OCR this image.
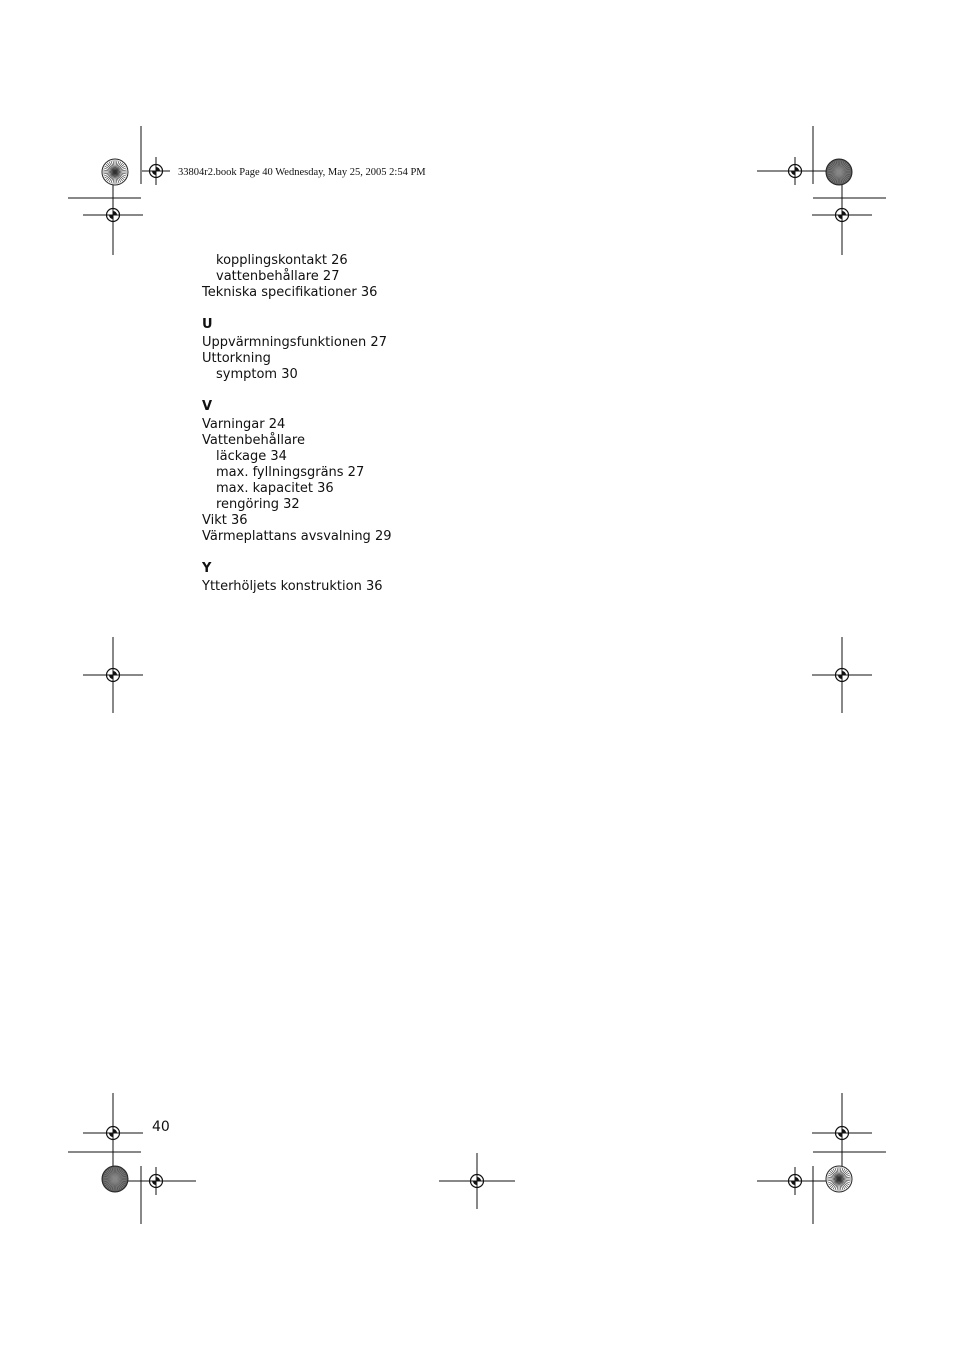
33804r2.book Page 40 Wednesday, May 25, 2005 2:54 PM
kopplingskontakt 26
vattenbehållare 27
Tekniska specifikationer 36
U
Uppvärmningsfunktionen 27
Uttorkning
symptom 30
V
Varningar 24
Vattenbehållare
läckage 34
max. fyllningsgräns 27
max. kapacitet 36
rengöring 32
Vikt 36
Värmeplattans avsvalning 29
Y
Ytterhöljets konstruktion 36
40
